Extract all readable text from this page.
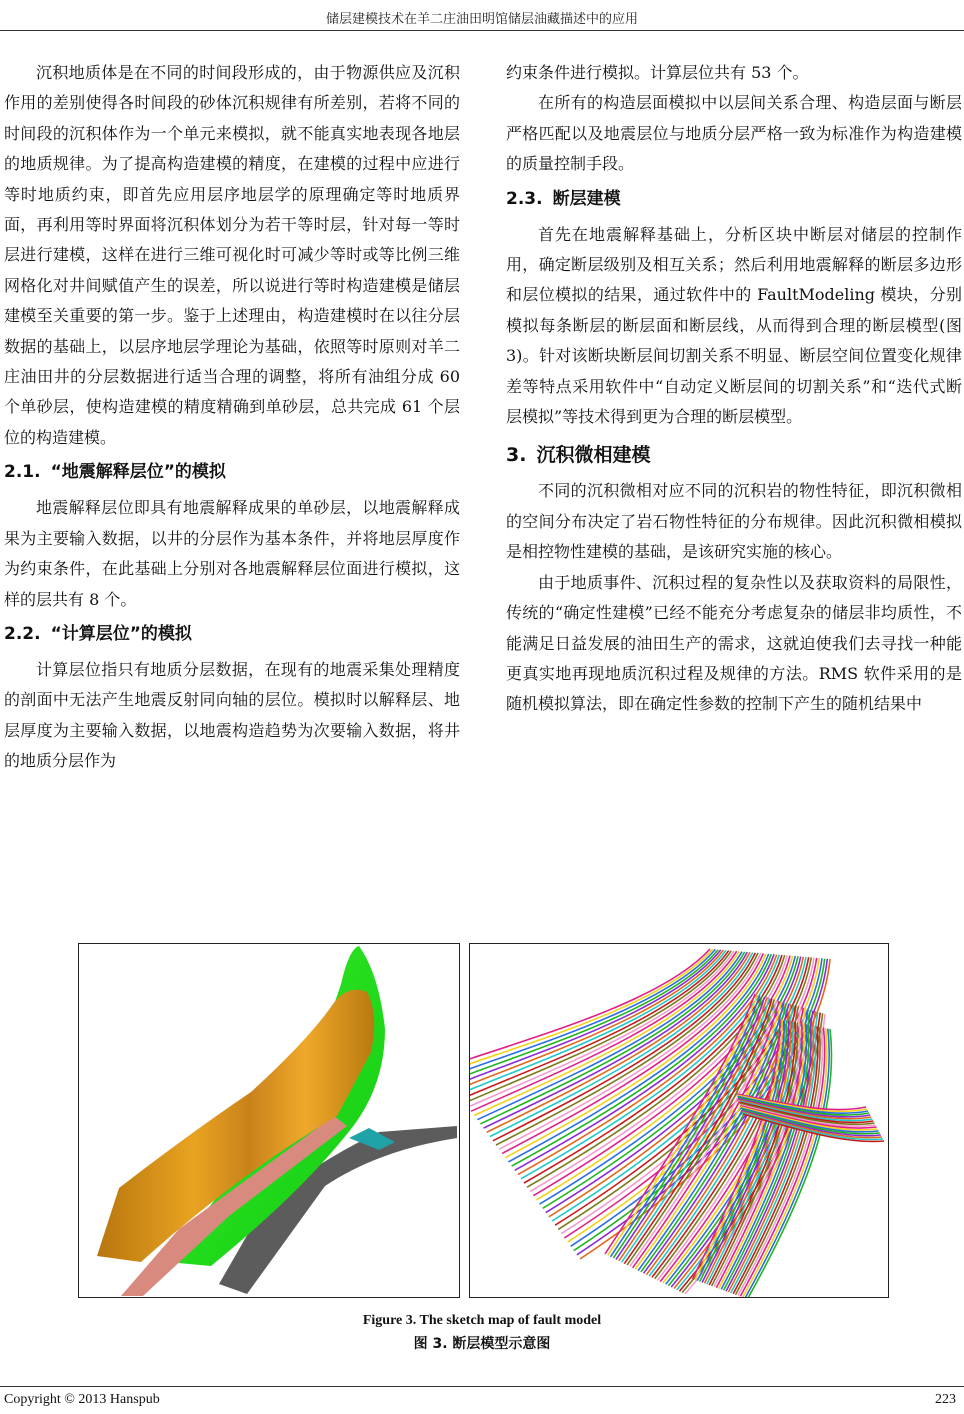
储层建模技术在羊二庄油田明馆储层油藏描述中的应用

沉积地质体是在不同的时间段形成的，由于物源供应及沉积作用的差别使得各时间段的砂体沉积规律有所差别，若将不同的时间段的沉积体作为一个单元来模拟，就不能真实地表现各地层的地质规律。为了提高构造建模的精度，在建模的过程中应进行等时地质约束，即首先应用层序地层学的原理确定等时地质界面，再利用等时界面将沉积体划分为若干等时层，针对每一等时层进行建模，这样在进行三维可视化时可减少等时或等比例三维网格化对井间赋值产生的误差，所以说进行等时构造建模是储层建模至关重要的第一步。鉴于上述理由，构造建模时在以往分层数据的基础上，以层序地层学理论为基础，依照等时原则对羊二庄油田井的分层数据进行适当合理的调整，将所有油组分成 60 个单砂层，使构造建模的精度精确到单砂层，总共完成 61 个层位的构造建模。

2.1. “地震解释层位”的模拟

地震解释层位即具有地震解释成果的单砂层，以地震解释成果为主要输入数据，以井的分层作为基本条件，并将地层厚度作为约束条件，在此基础上分别对各地震解释层位面进行模拟，这样的层共有 8 个。

2.2. “计算层位”的模拟

计算层位指只有地质分层数据，在现有的地震采集处理精度的剖面中无法产生地震反射同向轴的层位。模拟时以解释层、地层厚度为主要输入数据，以地震构造趋势为次要输入数据，将井的地质分层作为

约束条件进行模拟。计算层位共有 53 个。

在所有的构造层面模拟中以层间关系合理、构造层面与断层严格匹配以及地震层位与地质分层严格一致为标准作为构造建模的质量控制手段。

2.3. 断层建模

首先在地震解释基础上，分析区块中断层对储层的控制作用，确定断层级别及相互关系；然后利用地震解释的断层多边形和层位模拟的结果，通过软件中的 FaultModeling 模块，分别模拟每条断层的断层面和断层线，从而得到合理的断层模型(图 3)。针对该断块断层间切割关系不明显、断层空间位置变化规律差等特点采用软件中“自动定义断层间的切割关系”和“迭代式断层模拟”等技术得到更为合理的断层模型。

3. 沉积微相建模

不同的沉积微相对应不同的沉积岩的物性特征，即沉积微相的空间分布决定了岩石物性特征的分布规律。因此沉积微相模拟是相控物性建模的基础，是该研究实施的核心。

由于地质事件、沉积过程的复杂性以及获取资料的局限性，传统的“确定性建模”已经不能充分考虑复杂的储层非均质性，不能满足日益发展的油田生产的需求，这就迫使我们去寻找一种能更真实地再现地质沉积过程及规律的方法。RMS 软件采用的是随机模拟算法，即在确定性参数的控制下产生的随机结果中

Figure 3. The sketch map of fault model
图 3. 断层模型示意图
Copyright © 2013 Hanspub	223
